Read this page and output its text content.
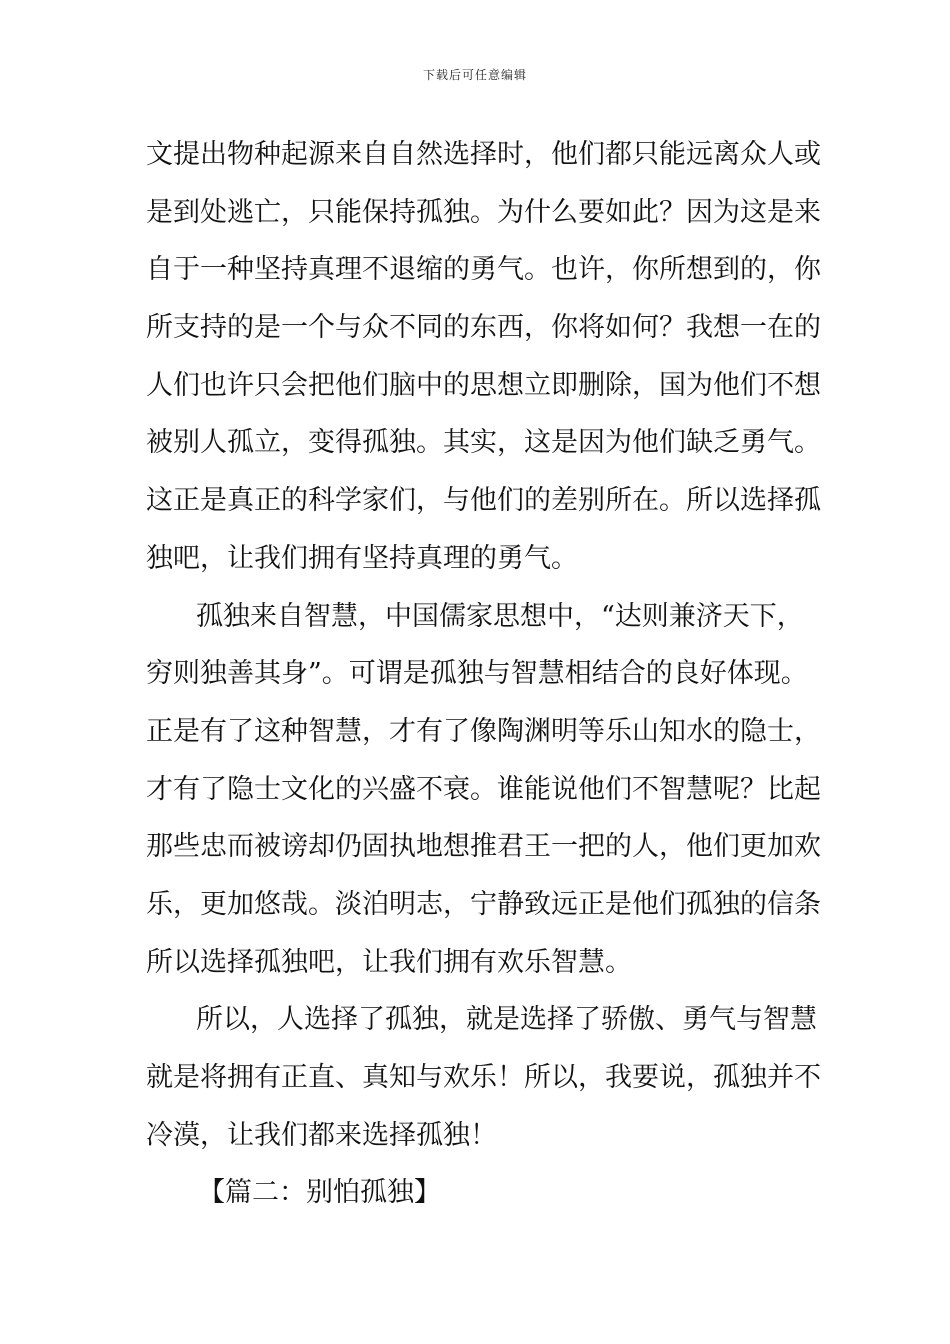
下载后可任意编辑
文提出物种起源来自自然选择时，他们都只能远离众人或
是到处逃亡，只能保持孤独。为什么要如此？因为这是来
自于一种坚持真理不退缩的勇气。也许，你所想到的，你
所支持的是一个与众不同的东西，你将如何？我想一在的
人们也许只会把他们脑中的思想立即删除，国为他们不想
被别人孤立，变得孤独。其实，这是因为他们缺乏勇气。
这正是真正的科学家们，与他们的差别所在。所以选择孤
独吧，让我们拥有坚持真理的勇气。
孤独来自智慧，中国儒家思想中，“达则兼济天下，
穷则独善其身”。可谓是孤独与智慧相结合的良好体现。
正是有了这种智慧，才有了像陶渊明等乐山知水的隐士，
才有了隐士文化的兴盛不衰。谁能说他们不智慧呢？比起
那些忠而被谤却仍固执地想推君王一把的人，他们更加欢
乐，更加悠哉。淡泊明志，宁静致远正是他们孤独的信条
所以选择孤独吧，让我们拥有欢乐智慧。
所以，人选择了孤独，就是选择了骄傲、勇气与智慧
就是将拥有正直、真知与欢乐！所以，我要说，孤独并不
冷漠，让我们都来选择孤独！
【篇二：别怕孤独】
